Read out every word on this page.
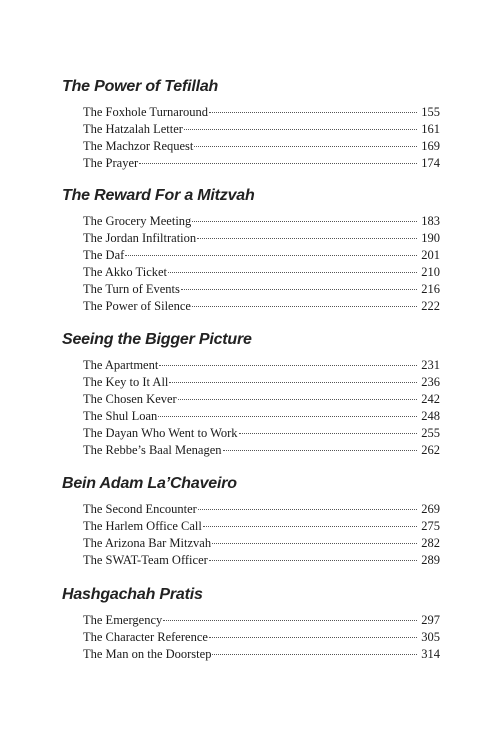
The Power of Tefillah
The Foxhole Turnaround	155
The Hatzalah Letter	161
The Machzor Request	169
The Prayer	174
The Reward For a Mitzvah
The Grocery Meeting	183
The Jordan Infiltration	190
The Daf	201
The Akko Ticket	210
The Turn of Events	216
The Power of Silence	222
Seeing the Bigger Picture
The Apartment	231
The Key to It All	236
The Chosen Kever	242
The Shul Loan	248
The Dayan Who Went to Work	255
The Rebbe’s Baal Menagen	262
Bein Adam La’Chaveiro
The Second Encounter	269
The Harlem Office Call	275
The Arizona Bar Mitzvah	282
The SWAT-Team Officer	289
Hashgachah Pratis
The Emergency	297
The Character Reference	305
The Man on the Doorstep	314
